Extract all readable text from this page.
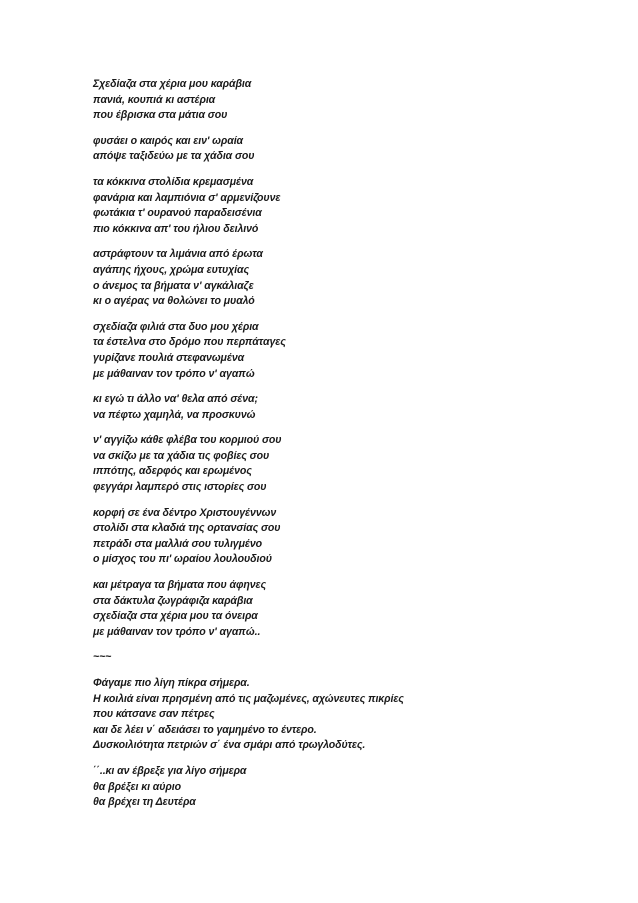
Σχεδίαζα στα χέρια μου καράβια
πανιά, κουπιά κι αστέρια
που έβρισκα στα μάτια σου
φυσάει ο καιρός και ειν' ωραία
απόψε ταξιδεύω με τα χάδια σου
τα κόκκινα στολίδια κρεμασμένα
φανάρια και λαμπιόνια σ' αρμενίζουνε
φωτάκια τ' ουρανού παραδεισένια
πιο κόκκινα απ' του ήλιου δειλινό
αστράφτουν τα λιμάνια από έρωτα
αγάπης ήχους, χρώμα ευτυχίας
ο άνεμος τα βήματα ν' αγκάλιαζε
κι ο αγέρας να θολώνει το μυαλό
σχεδίαζα φιλιά στα δυο μου χέρια
τα έστελνα στο δρόμο που περπάταγες
γυρίζανε πουλιά στεφανωμένα
με μάθαιναν τον τρόπο ν' αγαπώ
κι εγώ τι άλλο να' θελα από σένα;
να πέφτω χαμηλά, να προσκυνώ
ν' αγγίζω κάθε φλέβα του κορμιού σου
να σκίζω με τα χάδια τις φοβίες σου
ιππότης, αδερφός και ερωμένος
φεγγάρι λαμπερό στις ιστορίες σου
κορφή σε ένα δέντρο Χριστουγέννων
στολίδι στα κλαδιά της ορτανσίας σου
πετράδι στα μαλλιά σου τυλιγμένο
ο μίσχος του πι' ωραίου λουλουδιού
και μέτραγα τα βήματα που άφηνες
στα δάκτυλα ζωγράφιζα καράβια
σχεδίαζα στα χέρια μου τα όνειρα
με μάθαιναν τον τρόπο ν' αγαπώ..
~~~
Φάγαμε πιο λίγη πίκρα σήμερα.
Η κοιλιά είναι πρησμένη από τις μαζωμένες, αχώνευτες πικρίες
που κάτσανε σαν πέτρες
και δε λέει ν΄ αδειάσει το γαμημένο το έντερο.
Δυσκοιλιότητα πετριών σ΄ ένα σμάρι από τρωγλοδύτες.
΄΄..κι αν έβρεξε για λίγο σήμερα
θα βρέξει κι αύριο
θα βρέχει τη Δευτέρα
